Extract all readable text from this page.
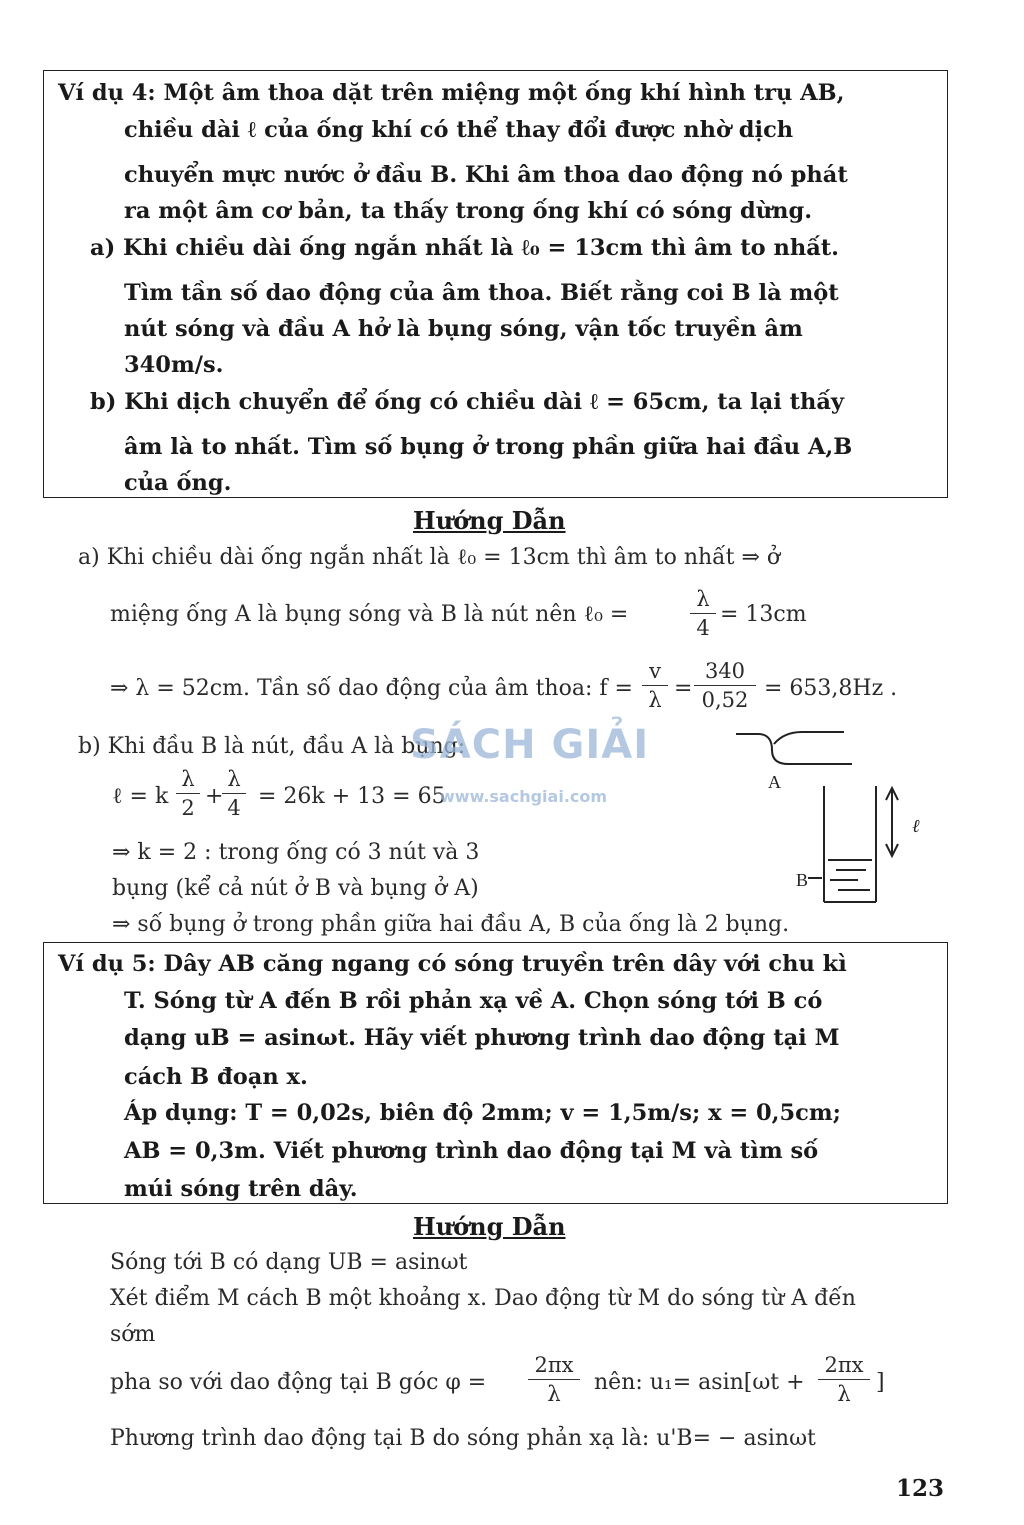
Ví dụ 4: Một âm thoa dặt trên miệng một ống khí hình trụ AB,
chiều dài ℓ của ống khí có thể thay đổi được nhờ dịch
chuyển mực nước ở đầu B. Khi âm thoa dao động nó phát
ra một âm cơ bản, ta thấy trong ống khí có sóng dừng.
a) Khi chiều dài ống ngắn nhất là ℓ₀ = 13cm thì âm to nhất.
Tìm tần số dao động của âm thoa. Biết rằng coi B là một
nút sóng và đầu A hở là bụng sóng, vận tốc truyền âm
340m/s.
b) Khi dịch chuyển để ống có chiều dài ℓ = 65cm, ta lại thấy
âm là to nhất. Tìm số bụng ở trong phần giữa hai đầu A,B
của ống.
Hướng Dẫn
a) Khi chiều dài ống ngắn nhất là ℓ₀ = 13cm thì âm to nhất ⇒ ở
miệng ống A là bụng sóng và B là nút nên ℓ₀ =
λ
4
= 13cm
⇒ λ = 52cm. Tần số dao động của âm thoa: f =
v
λ =
340
0,52 = 653,8Hz .
b) Khi đầu B là nút, đầu A là bụng:
ℓ = k
λ
2 +
λ
4 = 26k + 13 = 65
⇒ k = 2 : trong ống có 3 nút và 3
bụng (kể cả nút ở B và bụng ở A)
⇒ số bụng ở trong phần giữa hai đầu A, B của ống là 2 bụng.
A
B
ℓ
SÁCH GIẢI
www.sachgiai.com
Ví dụ 5: Dây AB căng ngang có sóng truyền trên dây với chu kì
T. Sóng từ A đến B rồi phản xạ về A. Chọn sóng tới B có
dạng uB = asinωt. Hãy viết phương trình dao động tại M
cách B đoạn x.
Áp dụng: T = 0,02s, biên độ 2mm; v = 1,5m/s; x = 0,5cm;
AB = 0,3m. Viết phương trình dao động tại M và tìm số
múi sóng trên dây.
Hướng Dẫn
Sóng tới B có dạng UB = asinωt
Xét điểm M cách B một khoảng x. Dao động từ M do sóng từ A đến
sớm
pha so với dao động tại B góc φ =
2πx
λ	nên: u₁= asin[ωt +
2πx
λ	]
Phương trình dao động tại B do sóng phản xạ là: u'B= − asinωt
123
